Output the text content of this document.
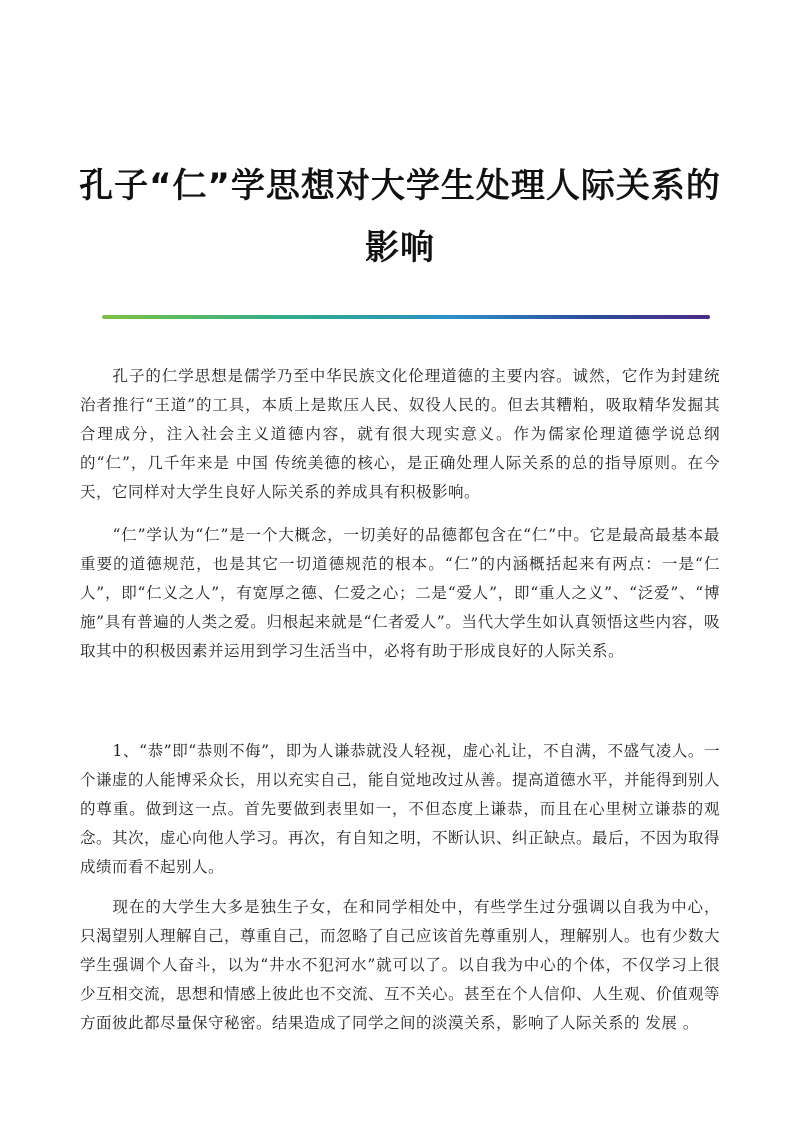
孔子“仁”学思想对大学生处理人际关系的
影响

孔子的仁学思想是儒学乃至中华民族文化伦理道德的主要内容。诚然，它作为封建统治者推行“王道”的工具，本质上是欺压人民、奴役人民的。但去其糟粕，吸取精华发掘其合理成分，注入社会主义道德内容，就有很大现实意义。作为儒家伦理道德学说总纲的“仁”，几千年来是 中国 传统美德的核心，是正确处理人际关系的总的指导原则。在今天，它同样对大学生良好人际关系的养成具有积极影响。

“仁”学认为“仁”是一个大概念，一切美好的品德都包含在“仁”中。它是最高最基本最重要的道德规范，也是其它一切道德规范的根本。“仁”的内涵概括起来有两点：一是“仁人”，即“仁义之人”，有宽厚之德、仁爱之心；二是“爱人”，即“重人之义”、“泛爱”、“博施”具有普遍的人类之爱。归根起来就是“仁者爱人”。当代大学生如认真领悟这些内容，吸取其中的积极因素并运用到学习生活当中，必将有助于形成良好的人际关系。

1、“恭”即“恭则不侮”，即为人谦恭就没人轻视，虚心礼让，不自满，不盛气凌人。一个谦虚的人能博采众长，用以充实自己，能自觉地改过从善。提高道德水平，并能得到别人的尊重。做到这一点。首先要做到表里如一，不但态度上谦恭，而且在心里树立谦恭的观念。其次，虚心向他人学习。再次，有自知之明，不断认识、纠正缺点。最后，不因为取得成绩而看不起别人。

现在的大学生大多是独生子女，在和同学相处中，有些学生过分强调以自我为中心，只渴望别人理解自己，尊重自己，而忽略了自己应该首先尊重别人，理解别人。也有少数大学生强调个人奋斗，以为“井水不犯河水”就可以了。以自我为中心的个体，不仅学习上很少互相交流，思想和情感上彼此也不交流、互不关心。甚至在个人信仰、人生观、价值观等方面彼此都尽量保守秘密。结果造成了同学之间的淡漠关系，影响了人际关系的 发展 。
